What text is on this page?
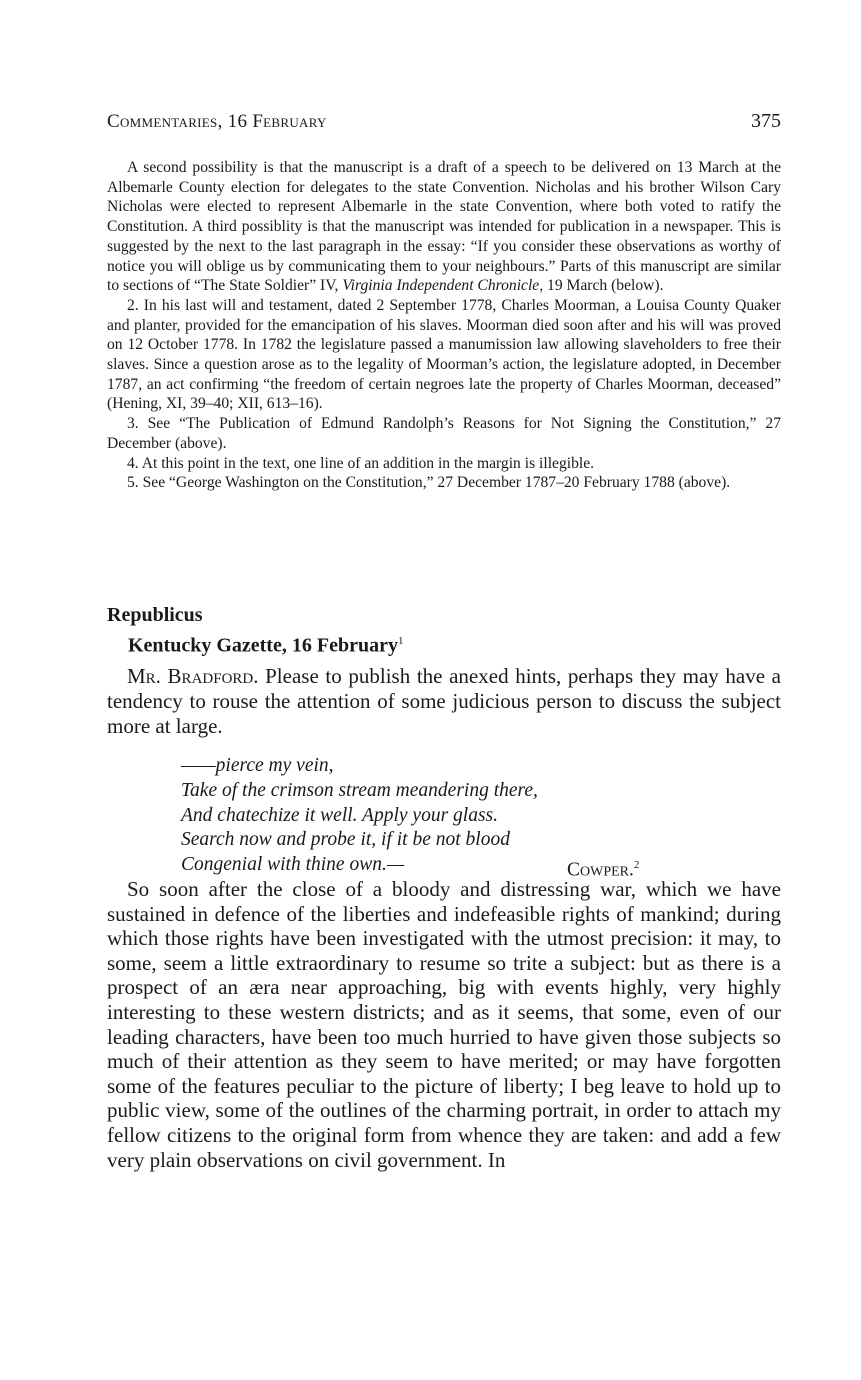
Commentaries, 16 February	375

A second possibility is that the manuscript is a draft of a speech to be delivered on 13 March at the Albemarle County election for delegates to the state Convention. Nicholas and his brother Wilson Cary Nicholas were elected to represent Albemarle in the state Convention, where both voted to ratify the Constitution. A third possiblity is that the manuscript was intended for publication in a newspaper. This is suggested by the next to the last paragraph in the essay: “If you consider these observations as worthy of notice you will oblige us by communicating them to your neighbours.” Parts of this manuscript are similar to sections of “The State Soldier” IV, Virginia Independent Chronicle, 19 March (below).

2. In his last will and testament, dated 2 September 1778, Charles Moorman, a Louisa County Quaker and planter, provided for the emancipation of his slaves. Moorman died soon after and his will was proved on 12 October 1778. In 1782 the legislature passed a manumission law allowing slaveholders to free their slaves. Since a question arose as to the legality of Moorman’s action, the legislature adopted, in December 1787, an act confirming “the freedom of certain negroes late the property of Charles Moorman, deceased” (Hening, XI, 39–40; XII, 613–16).

3. See “The Publication of Edmund Randolph’s Reasons for Not Signing the Constitution,” 27 December (above).

4. At this point in the text, one line of an addition in the margin is illegible.

5. See “George Washington on the Constitution,” 27 December 1787–20 February 1788 (above).

Republicus
Kentucky Gazette, 16 February$^1$

Mr. Bradford. Please to publish the anexed hints, perhaps they may have a tendency to rouse the attention of some judicious person to discuss the subject more at large.

——pierce my vein,
Take of the crimson stream meandering there,
And chatechize it well. Apply your glass.
Search now and probe it, if it be not blood
Congenial with thine own.—	Cowper.$^2$

So soon after the close of a bloody and distressing war, which we have sustained in defence of the liberties and indefeasible rights of mankind; during which those rights have been investigated with the utmost precision: it may, to some, seem a little extraordinary to resume so trite a subject: but as there is a prospect of an æra near approaching, big with events highly, very highly interesting to these western districts; and as it seems, that some, even of our leading characters, have been too much hurried to have given those subjects so much of their attention as they seem to have merited; or may have forgotten some of the features peculiar to the picture of liberty; I beg leave to hold up to public view, some of the outlines of the charming portrait, in order to attach my fellow citizens to the original form from whence they are taken: and add a few very plain observations on civil government. In
